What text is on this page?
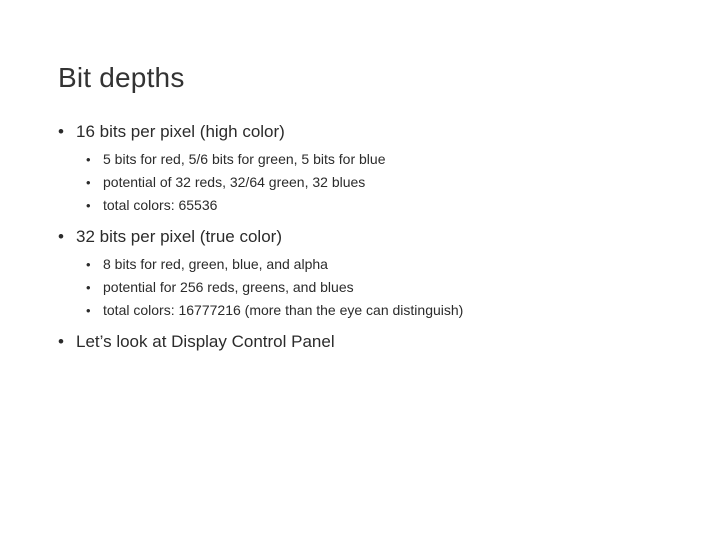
Bit depths
• 16 bits per pixel (high color)
• 5 bits for red, 5/6 bits for green, 5 bits for blue
• potential of 32 reds, 32/64 green, 32 blues
• total colors: 65536
• 32 bits per pixel (true color)
• 8 bits for red, green, blue, and alpha
• potential for 256 reds, greens, and blues
• total colors: 16777216 (more than the eye can distinguish)
• Let’s look at Display Control Panel
